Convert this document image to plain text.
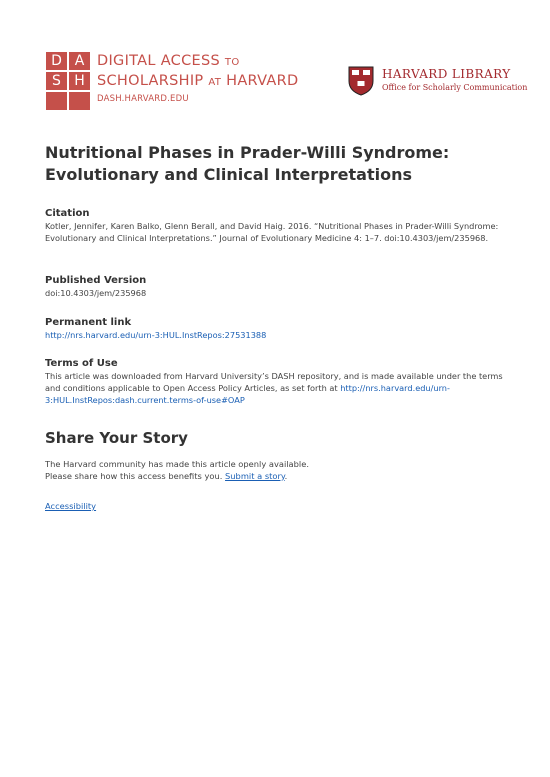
D A
S H
DIGITAL ACCESS TO
SCHOLARSHIP AT HARVARD
DASH.HARVARD.EDU
HARVARD LIBRARY
Office for Scholarly Communication
Nutritional Phases in Prader-Willi Syndrome: Evolutionary and Clinical Interpretations
Citation
Kotler, Jennifer, Karen Balko, Glenn Berall, and David Haig. 2016. “Nutritional Phases in Prader-Willi Syndrome: Evolutionary and Clinical Interpretations.” Journal of Evolutionary Medicine 4: 1–7. doi:10.4303/jem/235968.
Published Version
doi:10.4303/jem/235968
Permanent link
http://nrs.harvard.edu/urn-3:HUL.InstRepos:27531388
Terms of Use
This article was downloaded from Harvard University’s DASH repository, and is made available under the terms and conditions applicable to Open Access Policy Articles, as set forth at http://nrs.harvard.edu/urn-3:HUL.InstRepos:dash.current.terms-of-use#OAP
Share Your Story
The Harvard community has made this article openly available.
Please share how this access benefits you. Submit a story.
Accessibility
